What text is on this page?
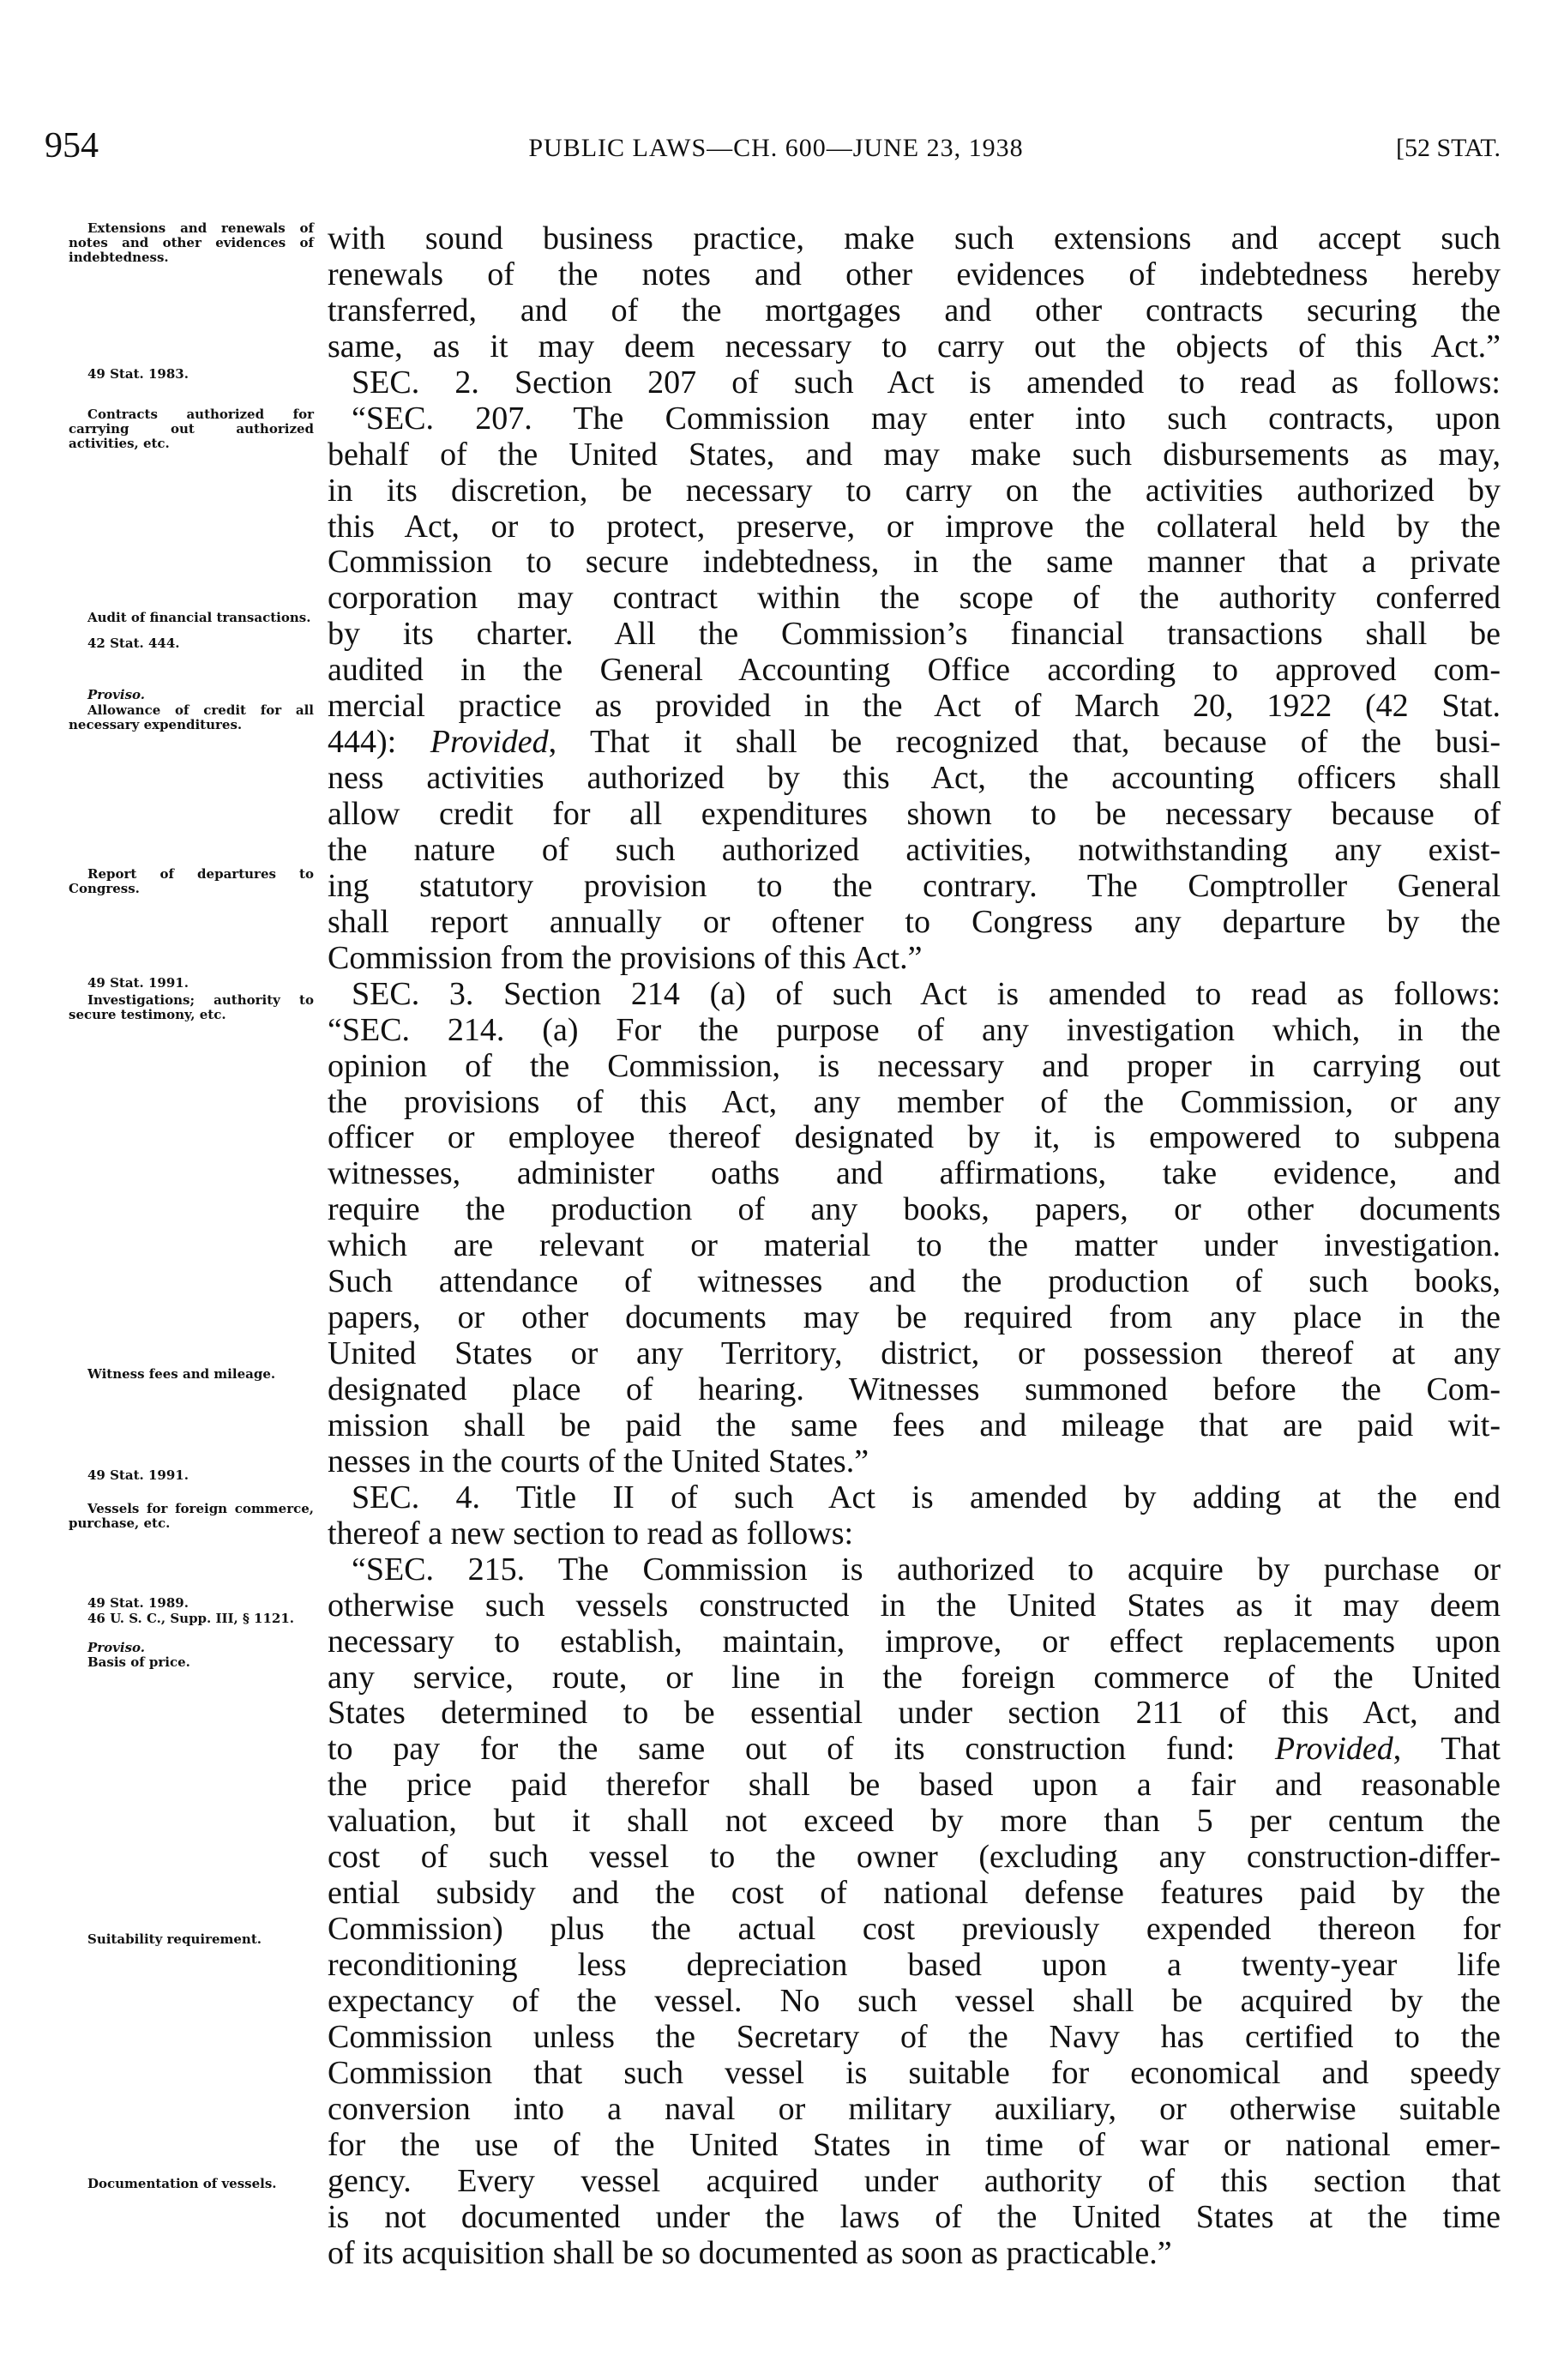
954	PUBLIC LAWS—CH. 600—JUNE 23, 1938	[52 STAT.
with sound business practice, make such extensions and accept such
renewals of the notes and other evidences of indebtedness hereby
transferred, and of the mortgages and other contracts securing the
same, as it may deem necessary to carry out the objects of this Act.”
SEC. 2. Section 207 of such Act is amended to read as follows:
“SEC. 207. The Commission may enter into such contracts, upon
behalf of the United States, and may make such disbursements as may,
in its discretion, be necessary to carry on the activities authorized by
this Act, or to protect, preserve, or improve the collateral held by the
Commission to secure indebtedness, in the same manner that a private
corporation may contract within the scope of the authority conferred
by its charter. All the Commission’s financial transactions shall be
audited in the General Accounting Office according to approved com-
mercial practice as provided in the Act of March 20, 1922 (42 Stat.
444): Provided, That it shall be recognized that, because of the busi-
ness activities authorized by this Act, the accounting officers shall
allow credit for all expenditures shown to be necessary because of
the nature of such authorized activities, notwithstanding any exist-
ing statutory provision to the contrary. The Comptroller General
shall report annually or oftener to Congress any departure by the
Commission from the provisions of this Act.”
SEC. 3. Section 214 (a) of such Act is amended to read as follows:
“SEC. 214. (a) For the purpose of any investigation which, in the
opinion of the Commission, is necessary and proper in carrying out
the provisions of this Act, any member of the Commission, or any
officer or employee thereof designated by it, is empowered to subpena
witnesses, administer oaths and affirmations, take evidence, and
require the production of any books, papers, or other documents
which are relevant or material to the matter under investigation.
Such attendance of witnesses and the production of such books,
papers, or other documents may be required from any place in the
United States or any Territory, district, or possession thereof at any
designated place of hearing. Witnesses summoned before the Com-
mission shall be paid the same fees and mileage that are paid wit-
nesses in the courts of the United States.”
SEC. 4. Title II of such Act is amended by adding at the end
thereof a new section to read as follows:
“SEC. 215. The Commission is authorized to acquire by purchase or
otherwise such vessels constructed in the United States as it may deem
necessary to establish, maintain, improve, or effect replacements upon
any service, route, or line in the foreign commerce of the United
States determined to be essential under section 211 of this Act, and
to pay for the same out of its construction fund: Provided, That
the price paid therefor shall be based upon a fair and reasonable
valuation, but it shall not exceed by more than 5 per centum the
cost of such vessel to the owner (excluding any construction-differ-
ential subsidy and the cost of national defense features paid by the
Commission) plus the actual cost previously expended thereon for
reconditioning less depreciation based upon a twenty-year life
expectancy of the vessel. No such vessel shall be acquired by the
Commission unless the Secretary of the Navy has certified to the
Commission that such vessel is suitable for economical and speedy
conversion into a naval or military auxiliary, or otherwise suitable
for the use of the United States in time of war or national emer-
gency. Every vessel acquired under authority of this section that
is not documented under the laws of the United States at the time
of its acquisition shall be so documented as soon as practicable.”
Extensions and renewals of notes and other evidences of indebtedness.
49 Stat. 1983.
Contracts authorized for carrying out authorized activities, etc.
Audit of financial transactions.
42 Stat. 444.
Proviso.
Allowance of credit for all necessary expenditures.
Report of departures to Congress.
49 Stat. 1991.
Investigations; authority to secure testimony, etc.
Witness fees and mileage.
49 Stat. 1991.
Vessels for foreign commerce, purchase, etc.
49 Stat. 1989.
46 U. S. C., Supp. III, § 1121.
Proviso.
Basis of price.
Suitability requirement.
Documentation of vessels.
